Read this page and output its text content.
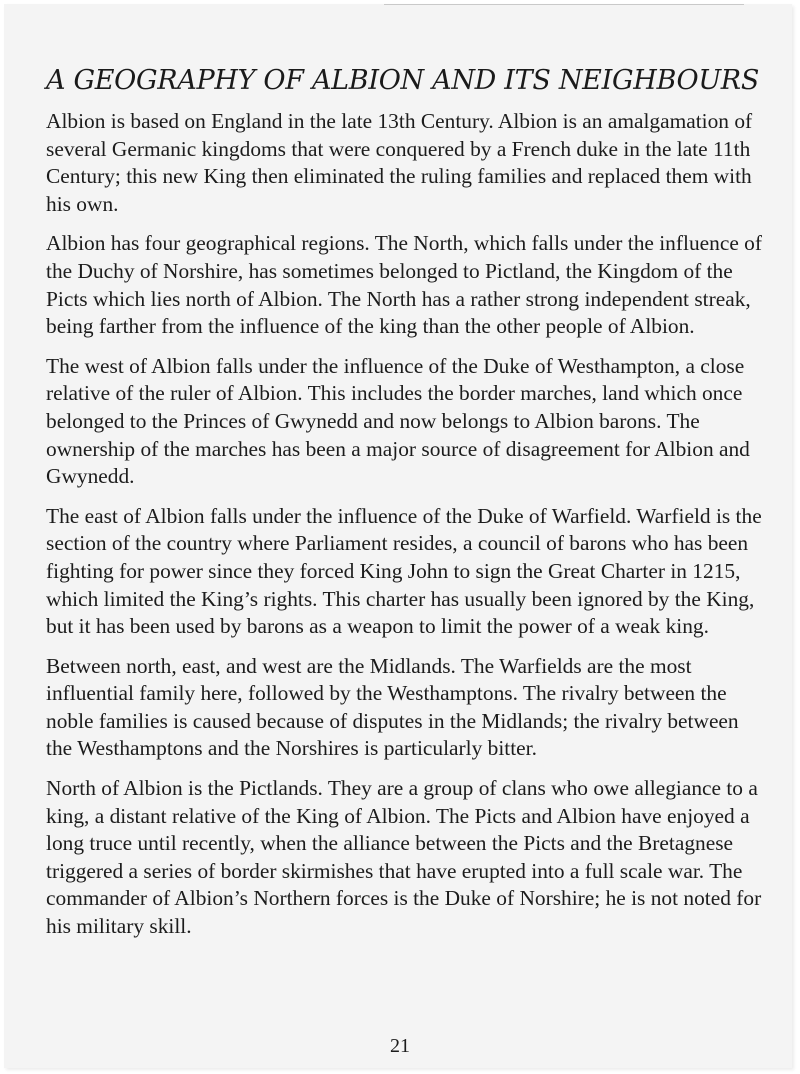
A GEOGRAPHY OF ALBION AND ITS NEIGHBOURS

Albion is based on England in the late 13th Century. Albion is an amalgamation of several Germanic kingdoms that were conquered by a French duke in the late 11th Century; this new King then eliminated the ruling families and replaced them with his own.

Albion has four geographical regions. The North, which falls under the influence of the Duchy of Norshire, has sometimes belonged to Pictland, the Kingdom of the Picts which lies north of Albion. The North has a rather strong independent streak, being farther from the influence of the king than the other people of Albion.

The west of Albion falls under the influence of the Duke of Westhampton, a close relative of the ruler of Albion. This includes the border marches, land which once belonged to the Princes of Gwynedd and now belongs to Albion barons. The ownership of the marches has been a major source of disagreement for Albion and Gwynedd.

The east of Albion falls under the influence of the Duke of Warfield. Warfield is the section of the country where Parliament resides, a council of barons who has been fighting for power since they forced King John to sign the Great Charter in 1215, which limited the King’s rights. This charter has usually been ignored by the King, but it has been used by barons as a weapon to limit the power of a weak king.

Between north, east, and west are the Midlands. The Warfields are the most influential family here, followed by the Westhamptons. The rivalry between the noble families is caused because of disputes in the Midlands; the rivalry between the Westhamptons and the Norshires is particularly bitter.

North of Albion is the Pictlands. They are a group of clans who owe allegiance to a king, a distant relative of the King of Albion. The Picts and Albion have enjoyed a long truce until recently, when the alliance between the Picts and the Bretagnese triggered a series of border skirmishes that have erupted into a full scale war. The commander of Albion’s Northern forces is the Duke of Norshire; he is not noted for his military skill.

21
